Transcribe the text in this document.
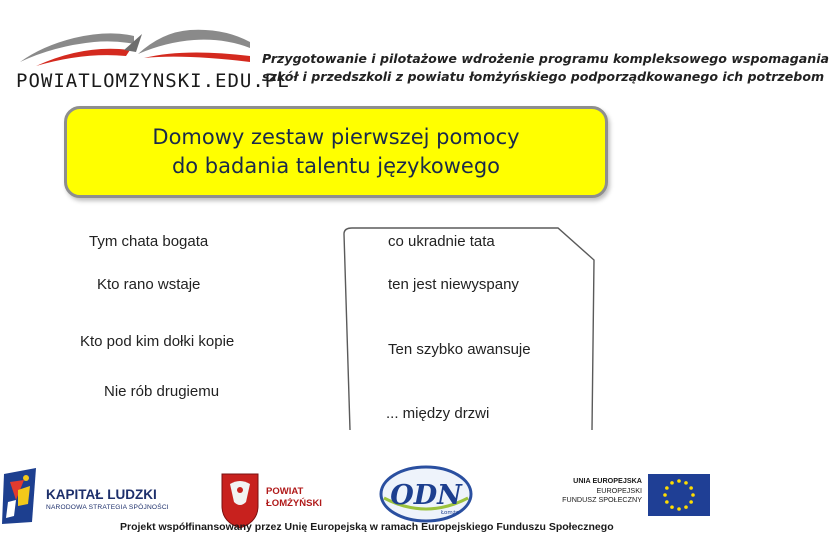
POWIATLOMZYNSKI.EDU.PL
Przygotowanie i pilotażowe wdrożenie programu kompleksowego wspomagania
szkół i przedszkoli z powiatu łomżyńskiego podporządkowanego ich potrzebom
Domowy zestaw pierwszej pomocy
do badania talentu językowego
Tym chata bogata
Kto rano wstaje
Kto pod kim dołki kopie
Nie rób drugiemu
co ukradnie tata
ten jest niewyspany
Ten szybko awansuje
... między drzwi
ODN
Łomża
KAPITAŁ LUDZKI
NARODOWA STRATEGIA SPÓJNOŚCI
POWIAT
ŁOMŻYŃSKI
UNIA EUROPEJSKA
EUROPEJSKI
FUNDUSZ SPOŁECZNY
Projekt współfinansowany przez Unię Europejską w ramach Europejskiego Funduszu Społecznego
